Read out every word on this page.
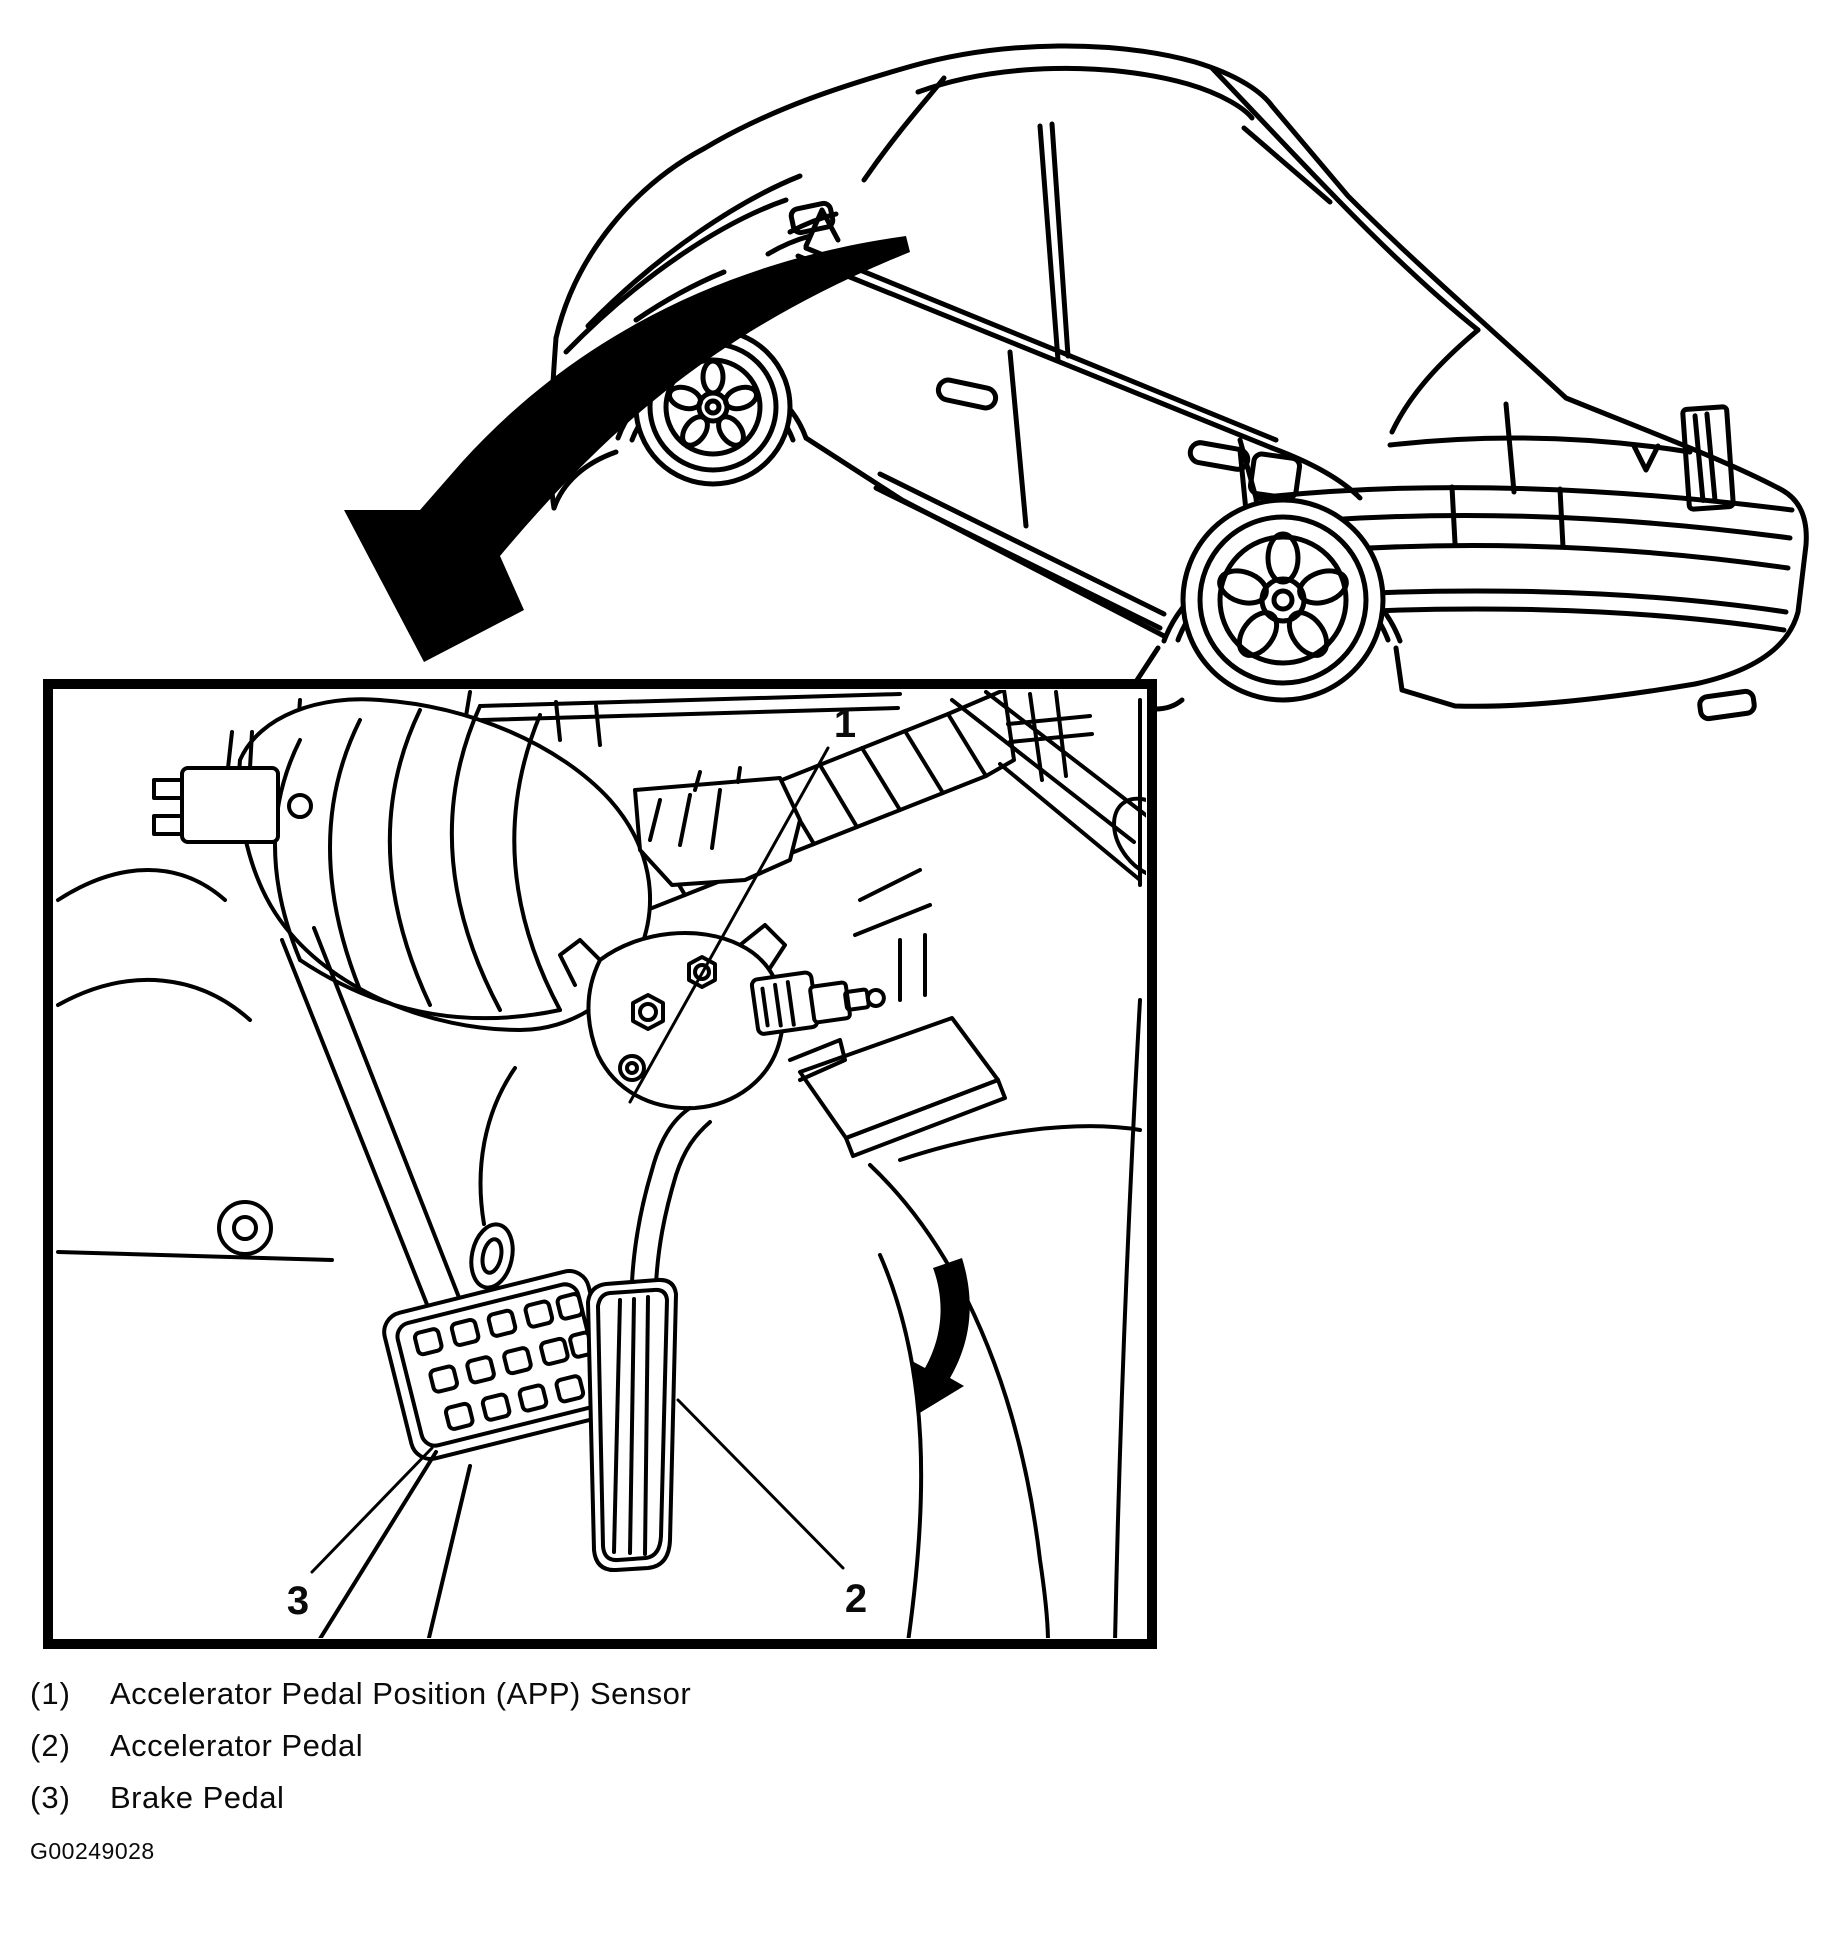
1
2
3
(1)	Accelerator Pedal Position (APP) Sensor
(2)	Accelerator Pedal
(3)	Brake Pedal
G00249028
